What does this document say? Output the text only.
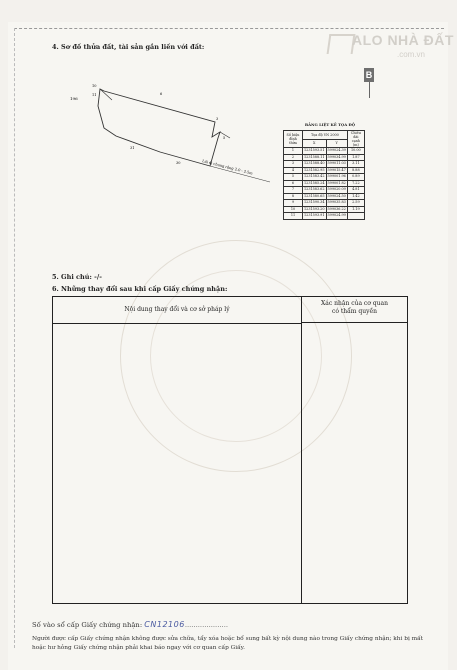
ALO NHÀ ĐẤT
.com.vn
4. Sơ đồ thửa đất, tài sản gắn liền với đất:
B
196
10
11	6
3
5
31
30	Lối đi chung rộng 2.0 - 2.5m
BẢNG LIỆT KÊ TỌA ĐỘ
Số hiệu đỉnh thửa	Tọa độ VN 2000		Chiều dài cạnh (m)
	X	Y	
1	1231593.51	599024.39	10.00
2	1231588.11	599034.99	1.87
3	1231588.40	599011.03	3.11
4	1231582.95	599015.47	8.88
5	1231583.42	599001.96	0.89
6	1231585.24	599001.82	7.22
7	1231583.62	599020.09	4.81
8	1231580.65	599024.50	1.42
9	1231590.34	599035.83	2.59
10	1231593.20	599036.22	1.19
11	1231593.91	599024.99	
5. Ghi chú: -/-
6. Những thay đổi sau khi cấp Giấy chứng nhận:
Nội dung thay đổi và cơ sở pháp lý
Xác nhận của cơ quan
có thẩm quyền
Số vào sổ cấp Giấy chứng nhận: CN12106....................
Người được cấp Giấy chứng nhận không được sửa chữa, tẩy xóa hoặc bổ sung bất kỳ nội dung nào trong Giấy chứng nhận; khi bị mất hoặc hư hỏng Giấy chứng nhận phải khai báo ngay với cơ quan cấp Giấy.
